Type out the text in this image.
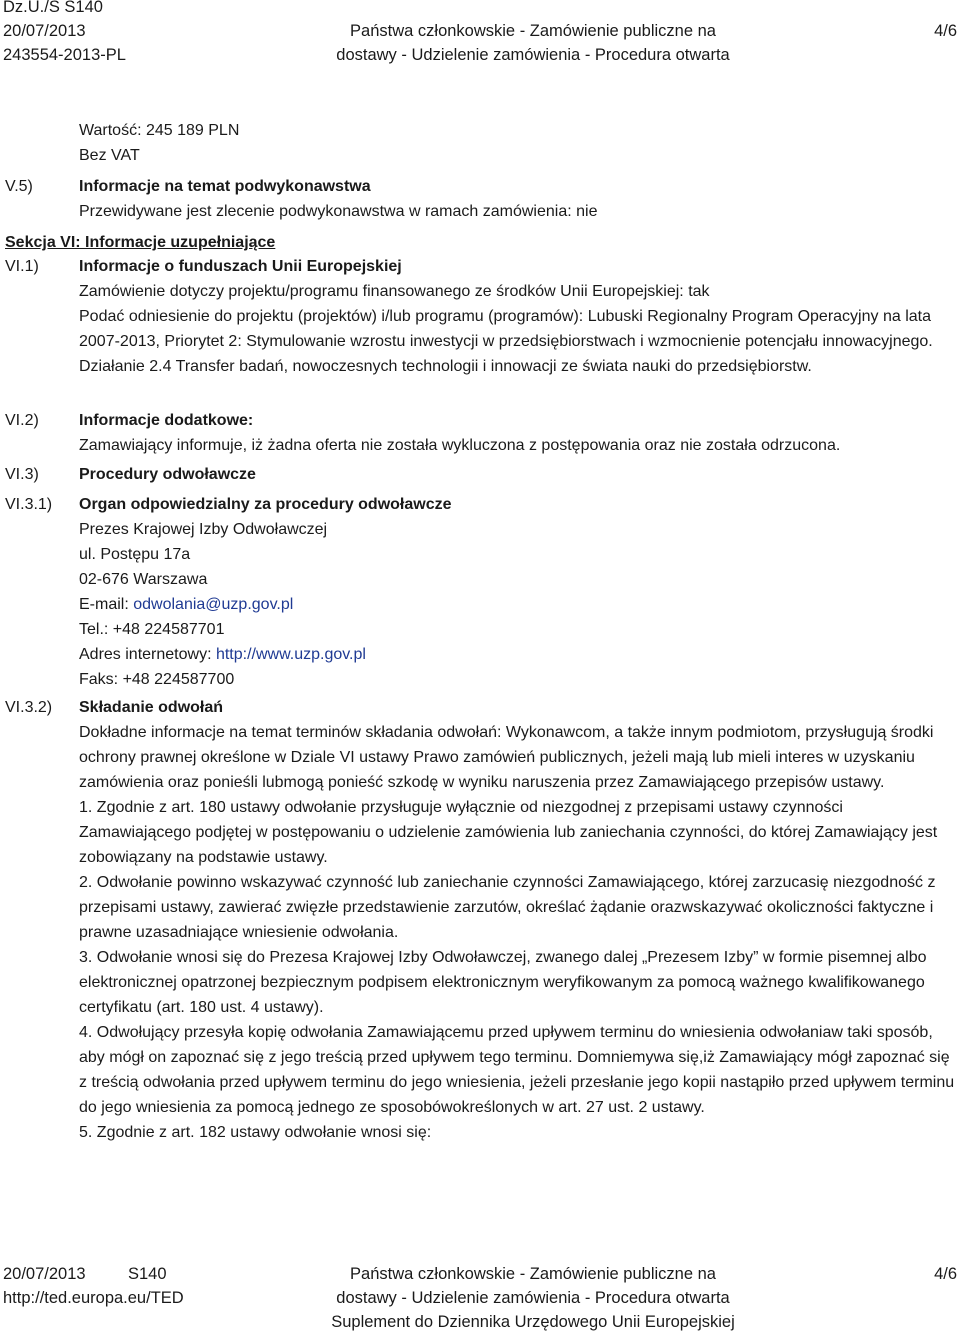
Dz.U./S S140
20/07/2013	Państwa członkowskie - Zamówienie publiczne na	4/6
243554-2013-PL	dostawy - Udzielenie zamówienia - Procedura otwarta

Wartość: 245 189 PLN

Bez VAT

V.5)	Informacje na temat podwykonawstwa

Przewidywane jest zlecenie podwykonawstwa w ramach zamówienia: nie

Sekcja VI: Informacje uzupełniające
VI.1)	Informacje o funduszach Unii Europejskiej

Zamówienie dotyczy projektu/programu finansowanego ze środków Unii Europejskiej: tak

Podać odniesienie do projektu (projektów) i/lub programu (programów): Lubuski Regionalny Program Operacyjny na lata 2007-2013, Priorytet 2: Stymulowanie wzrostu inwestycji w przedsiębiorstwach i wzmocnienie potencjału innowacyjnego. Działanie 2.4 Transfer badań, nowoczesnych technologii i innowacji ze świata nauki do przedsiębiorstw.

VI.2)	Informacje dodatkowe:

Zamawiający informuje, iż żadna oferta nie została wykluczona z postępowania oraz nie została odrzucona.

VI.3)	Procedury odwoławcze

VI.3.1) Organ odpowiedzialny za procedury odwoławcze

Prezes Krajowej Izby Odwoławczej

ul. Postępu 17a

02-676 Warszawa

E-mail: odwolania@uzp.gov.pl

Tel.: +48 224587701

Adres internetowy: http://www.uzp.gov.pl

Faks: +48 224587700

VI.3.2) Składanie odwołań

Dokładne informacje na temat terminów składania odwołań: Wykonawcom, a także innym podmiotom, przysługują środki ochrony prawnej określone w Dziale VI ustawy Prawo zamówień publicznych, jeżeli mają lub mieli interes w uzyskaniu zamówienia oraz ponieśli lubmogą ponieść szkodę w wyniku naruszenia przez Zamawiającego przepisów ustawy.

1. Zgodnie z art. 180 ustawy odwołanie przysługuje wyłącznie od niezgodnej z przepisami ustawy czynności Zamawiającego podjętej w postępowaniu o udzielenie zamówienia lub zaniechania czynności, do której Zamawiający jest zobowiązany na podstawie ustawy.

2. Odwołanie powinno wskazywać czynność lub zaniechanie czynności Zamawiającego, której zarzucasię niezgodność z przepisami ustawy, zawierać zwięzłe przedstawienie zarzutów, określać żądanie orazwskazywać okoliczności faktyczne i prawne uzasadniające wniesienie odwołania.

3. Odwołanie wnosi się do Prezesa Krajowej Izby Odwoławczej, zwanego dalej „Prezesem Izby” w formie pisemnej albo elektronicznej opatrzonej bezpiecznym podpisem elektronicznym weryfikowanym za pomocą ważnego kwalifikowanego certyfikatu (art. 180 ust. 4 ustawy).

4. Odwołujący przesyła kopię odwołania Zamawiającemu przed upływem terminu do wniesienia odwołaniaw taki sposób, aby mógł on zapoznać się z jego treścią przed upływem tego terminu. Domniemywa się,iż Zamawiający mógł zapoznać się z treścią odwołania przed upływem terminu do jego wniesienia, jeżeli przesłanie jego kopii nastąpiło przed upływem terminu do jego wniesienia za pomocą jednego ze sposobówokreślonych w art. 27 ust. 2 ustawy.

5. Zgodnie z art. 182 ustawy odwołanie wnosi się:

20/07/2013	S140	Państwa członkowskie - Zamówienie publiczne na	4/6
http://ted.europa.eu/TED	dostawy - Udzielenie zamówienia - Procedura otwarta
Suplement do Dziennika Urzędowego Unii Europejskiej
